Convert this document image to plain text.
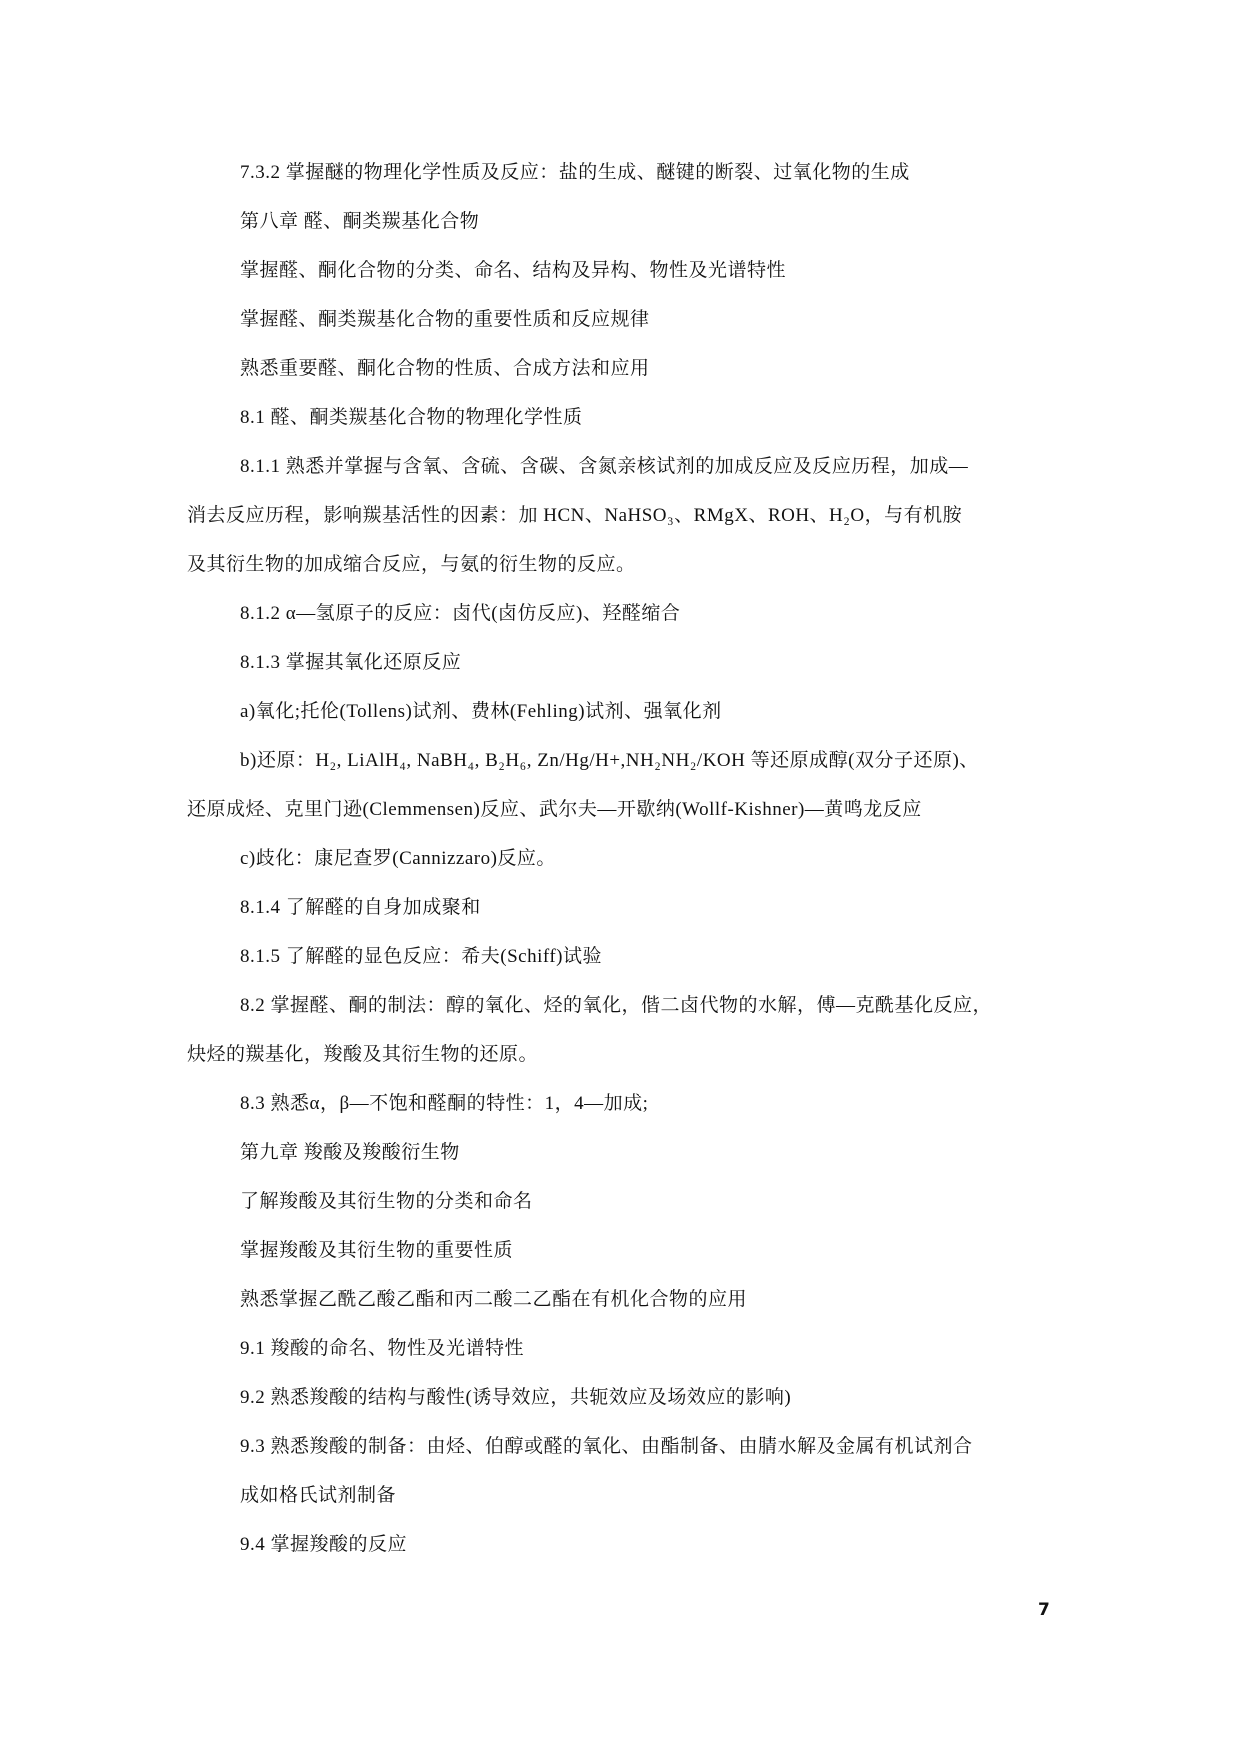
7.3.2 掌握醚的物理化学性质及反应：盐的生成、醚键的断裂、过氧化物的生成
第八章 醛、酮类羰基化合物
掌握醛、酮化合物的分类、命名、结构及异构、物性及光谱特性
掌握醛、酮类羰基化合物的重要性质和反应规律
熟悉重要醛、酮化合物的性质、合成方法和应用
8.1 醛、酮类羰基化合物的物理化学性质
8.1.1 熟悉并掌握与含氧、含硫、含碳、含氮亲核试剂的加成反应及反应历程，加成—
消去反应历程，影响羰基活性的因素：加 HCN、NaHSO₃、RMgX、ROH、H₂O，与有机胺
及其衍生物的加成缩合反应，与氨的衍生物的反应。
8.1.2 α—氢原子的反应：卤代(卤仿反应)、羟醛缩合
8.1.3 掌握其氧化还原反应
a)氧化;托伦(Tollens)试剂、费林(Fehling)试剂、强氧化剂
b)还原：H₂, LiAlH₄, NaBH₄, B₂H₆, Zn/Hg/H+,NH₂NH₂/KOH 等还原成醇(双分子还原)、
还原成烃、克里门逊(Clemmensen)反应、武尔夫—开歇纳(Wollf-Kishner)—黄鸣龙反应
c)歧化：康尼查罗(Cannizzaro)反应。
8.1.4 了解醛的自身加成聚和
8.1.5 了解醛的显色反应：希夫(Schiff)试验
8.2 掌握醛、酮的制法：醇的氧化、烃的氧化，偕二卤代物的水解，傅—克酰基化反应，
炔烃的羰基化，羧酸及其衍生物的还原。
8.3 熟悉α，β—不饱和醛酮的特性：1，4—加成;
第九章 羧酸及羧酸衍生物
了解羧酸及其衍生物的分类和命名
掌握羧酸及其衍生物的重要性质
熟悉掌握乙酰乙酸乙酯和丙二酸二乙酯在有机化合物的应用
9.1 羧酸的命名、物性及光谱特性
9.2 熟悉羧酸的结构与酸性(诱导效应，共轭效应及场效应的影响)
9.3 熟悉羧酸的制备：由烃、伯醇或醛的氧化、由酯制备、由腈水解及金属有机试剂合
成如格氏试剂制备
9.4 掌握羧酸的反应
7
